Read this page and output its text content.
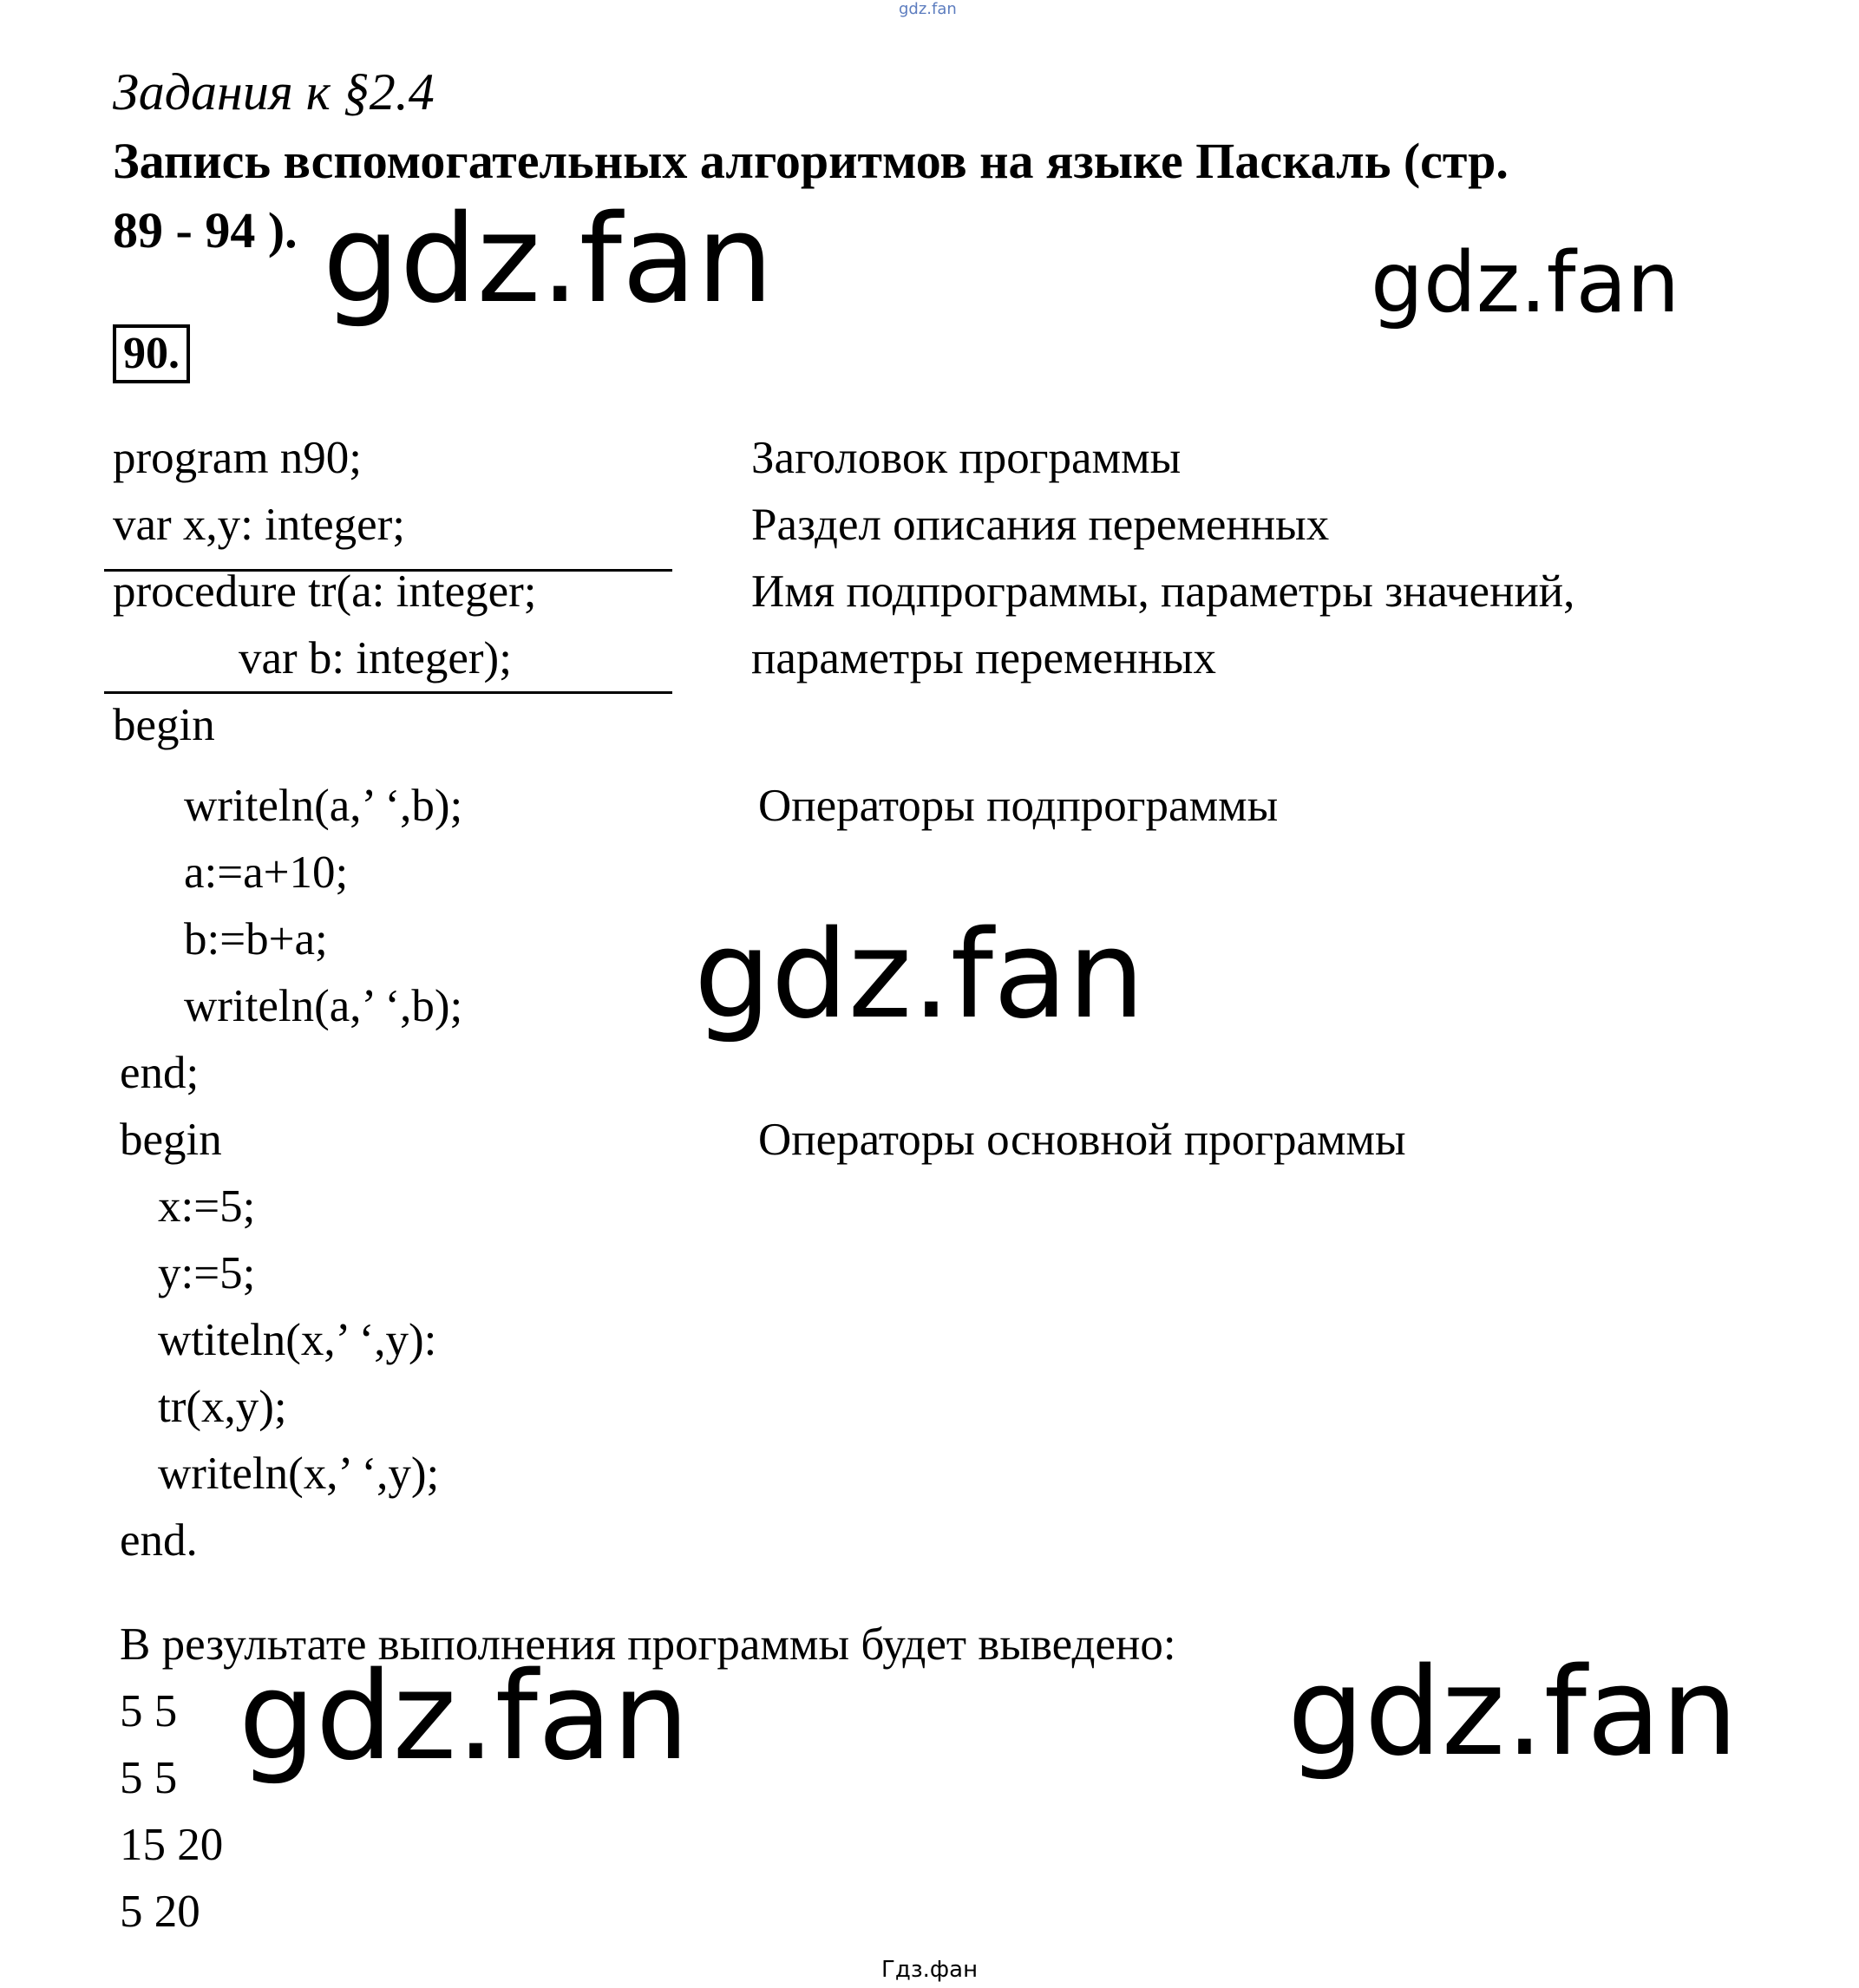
gdz.fan
Задания к §2.4
Запись вспомогательных алгоритмов на языке Паскаль (стр.
89 - 94 ).
90.
program n90;
var x,y: integer;
procedure tr(a: integer;
var b: integer);
begin
writeln(a,’ ‘,b);
a:=a+10;
b:=b+a;
writeln(a,’ ‘,b);
end;
begin
x:=5;
y:=5;
wtiteln(x,’ ‘,y):
tr(x,y);
writeln(x,’ ‘,y);
end.
Заголовок программы
Раздел описания переменных
Имя подпрограммы, параметры значений,
параметры переменных
Операторы подпрограммы
Операторы основной программы
В результате выполнения программы будет выведено:
5 5
5 5
15 20
5 20
gdz.fan	gdz.fan
gdz.fan
gdz.fan	gdz.fan
Гдз.фан
